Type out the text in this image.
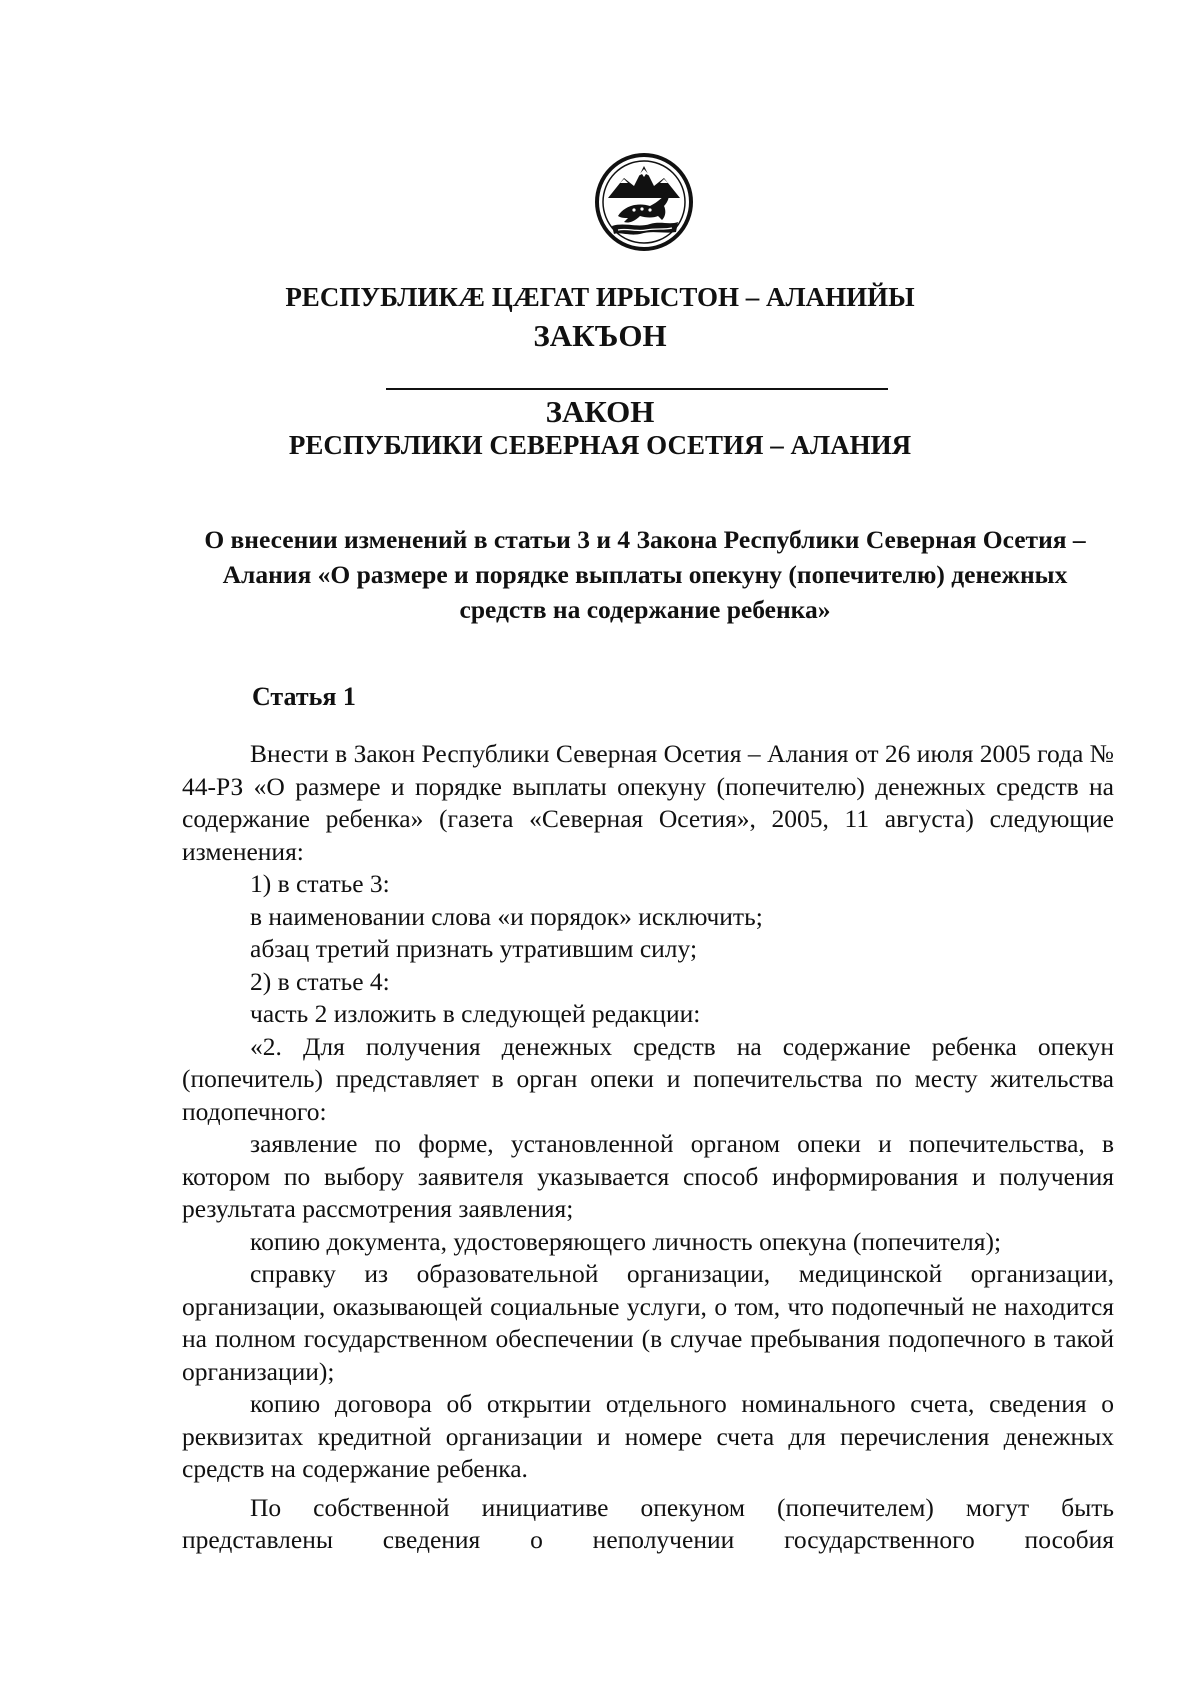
РЕСПУБЛИКӔ ЦӔГАТ ИРЫСТОН – АЛАНИЙЫ

ЗАКЪОН

ЗАКОН

РЕСПУБЛИКИ СЕВЕРНАЯ ОСЕТИЯ – АЛАНИЯ

О внесении изменений в статьи 3 и 4 Закона Республики Северная Осетия – Алания «О размере и порядке выплаты опекуну (попечителю) денежных средств на содержание ребенка»

Статья 1

Внести в Закон Республики Северная Осетия – Алания от 26 июля 2005 года № 44-РЗ «О размере и порядке выплаты опекуну (попечителю) денежных средств на содержание ребенка» (газета «Северная Осетия», 2005, 11 августа) следующие изменения:

1) в статье 3:

в наименовании слова «и порядок» исключить;

абзац третий признать утратившим силу;

2) в статье 4:

часть 2 изложить в следующей редакции:

«2. Для получения денежных средств на содержание ребенка опекун (попечитель) представляет в орган опеки и попечительства по месту жительства подопечного:

заявление по форме, установленной органом опеки и попечительства, в котором по выбору заявителя указывается способ информирования и получения результата рассмотрения заявления;

копию документа, удостоверяющего личность опекуна (попечителя);

справку из образовательной организации, медицинской организации, организации, оказывающей социальные услуги, о том, что подопечный не находится на полном государственном обеспечении (в случае пребывания подопечного в такой организации);

копию договора об открытии отдельного номинального счета, сведения о реквизитах кредитной организации и номере счета для перечисления денежных средств на содержание ребенка.

По собственной инициативе опекуном (попечителем) могут быть представлены сведения о неполучении государственного пособия
